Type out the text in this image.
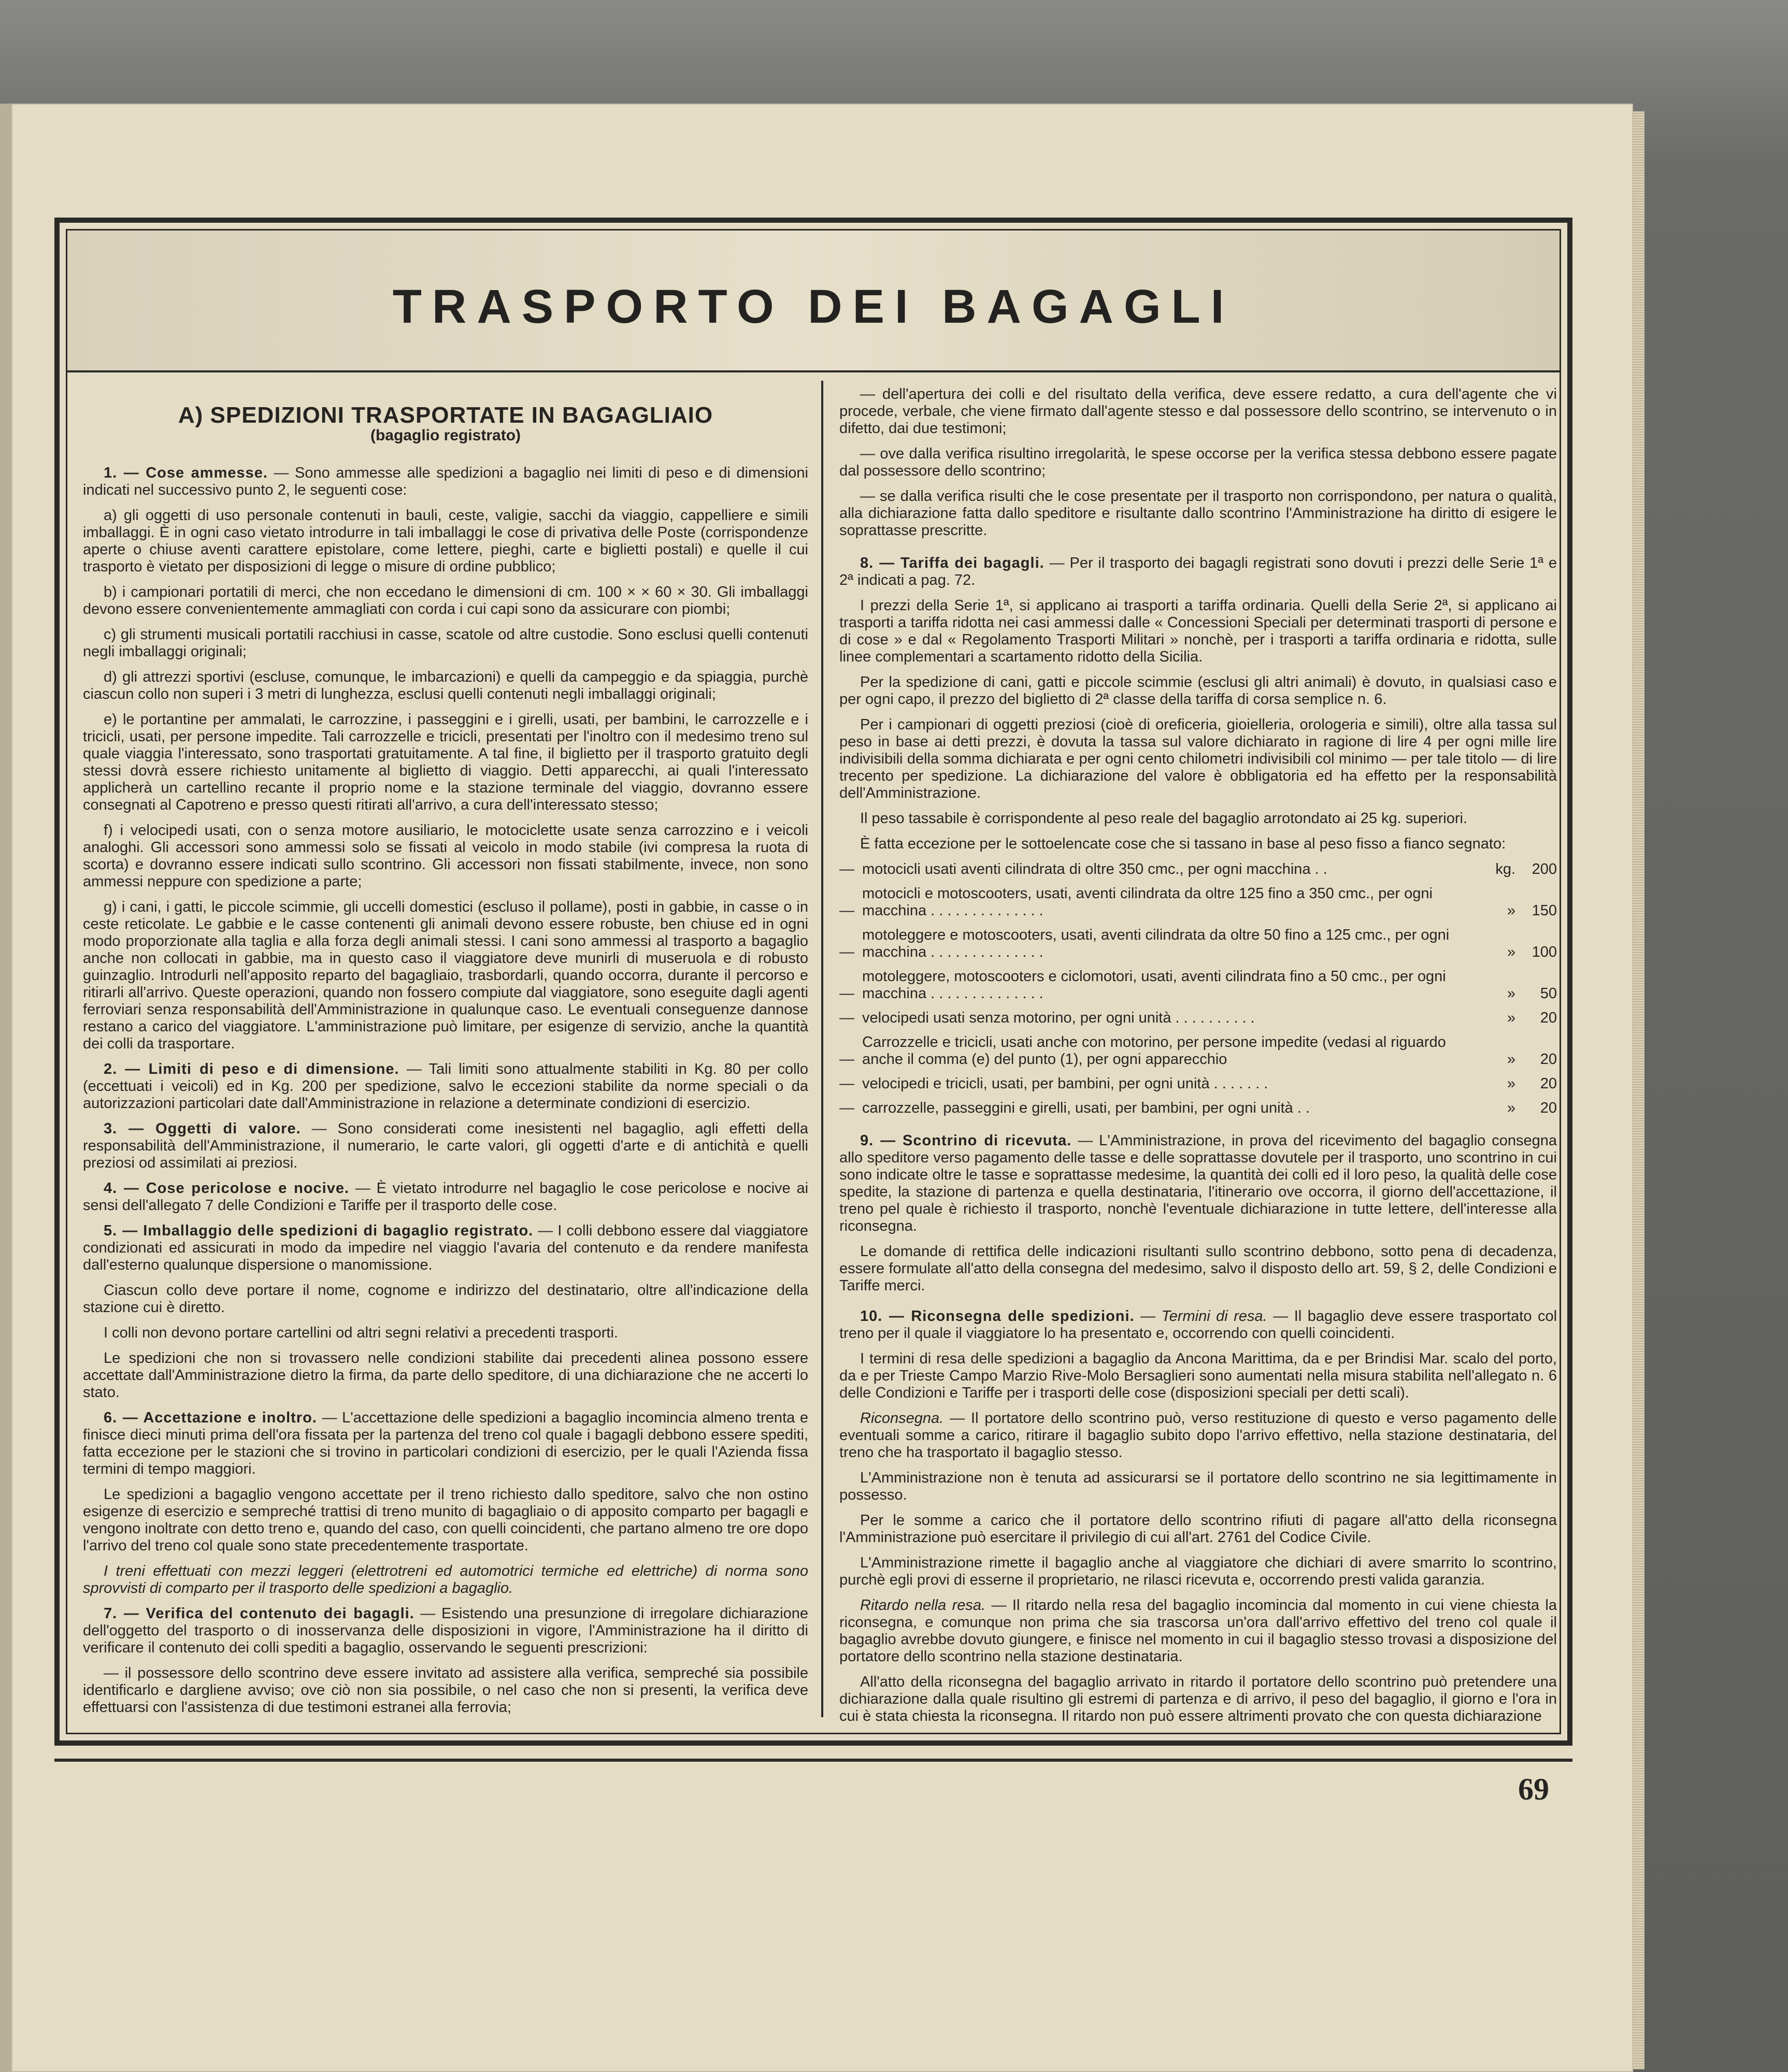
TRASPORTO DEI BAGAGLI
A) SPEDIZIONI TRASPORTATE IN BAGAGLIAIO
(bagaglio registrato)

1. — Cose ammesse. — Sono ammesse alle spedizioni a bagaglio nei limiti di peso e di dimensioni indicati nel successivo punto 2, le seguenti cose:

a) gli oggetti di uso personale contenuti in bauli, ceste, valigie, sacchi da viaggio, cappelliere e simili imballaggi. È in ogni caso vietato introdurre in tali imballaggi le cose di privativa delle Poste (corrispondenze aperte o chiuse aventi carattere epistolare, come lettere, pieghi, carte e biglietti postali) e quelle il cui trasporto è vietato per disposizioni di legge o misure di ordine pubblico;

b) i campionari portatili di merci, che non eccedano le dimensioni di cm. 100 × × 60 × 30. Gli imballaggi devono essere convenientemente ammagliati con corda i cui capi sono da assicurare con piombi;

c) gli strumenti musicali portatili racchiusi in casse, scatole od altre custodie. Sono esclusi quelli contenuti negli imballaggi originali;

d) gli attrezzi sportivi (escluse, comunque, le imbarcazioni) e quelli da campeggio e da spiaggia, purchè ciascun collo non superi i 3 metri di lunghezza, esclusi quelli contenuti negli imballaggi originali;

e) le portantine per ammalati, le carrozzine, i passeggini e i girelli, usati, per bambini, le carrozzelle e i tricicli, usati, per persone impedite. Tali carrozzelle e tricicli, presentati per l'inoltro con il medesimo treno sul quale viaggia l'interessato, sono trasportati gratuitamente. A tal fine, il biglietto per il trasporto gratuito degli stessi dovrà essere richiesto unitamente al biglietto di viaggio. Detti apparecchi, ai quali l'interessato applicherà un cartellino recante il proprio nome e la stazione terminale del viaggio, dovranno essere consegnati al Capotreno e presso questi ritirati all'arrivo, a cura dell'interessato stesso;

f) i velocipedi usati, con o senza motore ausiliario, le motociclette usate senza carrozzino e i veicoli analoghi. Gli accessori sono ammessi solo se fissati al veicolo in modo stabile (ivi compresa la ruota di scorta) e dovranno essere indicati sullo scontrino. Gli accessori non fissati stabilmente, invece, non sono ammessi neppure con spedizione a parte;

g) i cani, i gatti, le piccole scimmie, gli uccelli domestici (escluso il pollame), posti in gabbie, in casse o in ceste reticolate. Le gabbie e le casse contenenti gli animali devono essere robuste, ben chiuse ed in ogni modo proporzionate alla taglia e alla forza degli animali stessi. I cani sono ammessi al trasporto a bagaglio anche non collocati in gabbie, ma in questo caso il viaggiatore deve munirli di museruola e di robusto guinzaglio. Introdurli nell'apposito reparto del bagagliaio, trasbordarli, quando occorra, durante il percorso e ritirarli all'arrivo. Queste operazioni, quando non fossero compiute dal viaggiatore, sono eseguite dagli agenti ferroviari senza responsabilità dell'Amministrazione in qualunque caso. Le eventuali conseguenze dannose restano a carico del viaggiatore. L'amministrazione può limitare, per esigenze di servizio, anche la quantità dei colli da trasportare.

2. — Limiti di peso e di dimensione. — Tali limiti sono attualmente stabiliti in Kg. 80 per collo (eccettuati i veicoli) ed in Kg. 200 per spedizione, salvo le eccezioni stabilite da norme speciali o da autorizzazioni particolari date dall'Amministrazione in relazione a determinate condizioni di esercizio.

3. — Oggetti di valore. — Sono considerati come inesistenti nel bagaglio, agli effetti della responsabilità dell'Amministrazione, il numerario, le carte valori, gli oggetti d'arte e di antichità e quelli preziosi od assimilati ai preziosi.

4. — Cose pericolose e nocive. — È vietato introdurre nel bagaglio le cose pericolose e nocive ai sensi dell'allegato 7 delle Condizioni e Tariffe per il trasporto delle cose.

5. — Imballaggio delle spedizioni di bagaglio registrato. — I colli debbono essere dal viaggiatore condizionati ed assicurati in modo da impedire nel viaggio l'avaria del contenuto e da rendere manifesta dall'esterno qualunque dispersione o manomissione.

Ciascun collo deve portare il nome, cognome e indirizzo del destinatario, oltre all'indicazione della stazione cui è diretto.

I colli non devono portare cartellini od altri segni relativi a precedenti trasporti.

Le spedizioni che non si trovassero nelle condizioni stabilite dai precedenti alinea possono essere accettate dall'Amministrazione dietro la firma, da parte dello speditore, di una dichiarazione che ne accerti lo stato.

6. — Accettazione e inoltro. — L'accettazione delle spedizioni a bagaglio incomincia almeno trenta e finisce dieci minuti prima dell'ora fissata per la partenza del treno col quale i bagagli debbono essere spediti, fatta eccezione per le stazioni che si trovino in particolari condizioni di esercizio, per le quali l'Azienda fissa termini di tempo maggiori.

Le spedizioni a bagaglio vengono accettate per il treno richiesto dallo speditore, salvo che non ostino esigenze di esercizio e sempreché trattisi di treno munito di bagagliaio o di apposito comparto per bagagli e vengono inoltrate con detto treno e, quando del caso, con quelli coincidenti, che partano almeno tre ore dopo l'arrivo del treno col quale sono state precedentemente trasportate.

I treni effettuati con mezzi leggeri (elettrotreni ed automotrici termiche ed elettriche) di norma sono sprovvisti di comparto per il trasporto delle spedizioni a bagaglio.

7. — Verifica del contenuto dei bagagli. — Esistendo una presunzione di irregolare dichiarazione dell'oggetto del trasporto o di inosservanza delle disposizioni in vigore, l'Amministrazione ha il diritto di verificare il contenuto dei colli spediti a bagaglio, osservando le seguenti prescrizioni:

— il possessore dello scontrino deve essere invitato ad assistere alla verifica, sempreché sia possibile identificarlo e dargliene avviso; ove ciò non sia possibile, o nel caso che non si presenti, la verifica deve effettuarsi con l'assistenza di due testimoni estranei alla ferrovia;

— dell'apertura dei colli e del risultato della verifica, deve essere redatto, a cura dell'agente che vi procede, verbale, che viene firmato dall'agente stesso e dal possessore dello scontrino, se intervenuto o in difetto, dai due testimoni;

— ove dalla verifica risultino irregolarità, le spese occorse per la verifica stessa debbono essere pagate dal possessore dello scontrino;

— se dalla verifica risulti che le cose presentate per il trasporto non corrispondono, per natura o qualità, alla dichiarazione fatta dallo speditore e risultante dallo scontrino l'Amministrazione ha diritto di esigere le soprattasse prescritte.

8. — Tariffa dei bagagli. — Per il trasporto dei bagagli registrati sono dovuti i prezzi delle Serie 1ª e 2ª indicati a pag. 72.

I prezzi della Serie 1ª, si applicano ai trasporti a tariffa ordinaria. Quelli della Serie 2ª, si applicano ai trasporti a tariffa ridotta nei casi ammessi dalle « Concessioni Speciali per determinati trasporti di persone e di cose » e dal « Regolamento Trasporti Militari » nonchè, per i trasporti a tariffa ordinaria e ridotta, sulle linee complementari a scartamento ridotto della Sicilia.

Per la spedizione di cani, gatti e piccole scimmie (esclusi gli altri animali) è dovuto, in qualsiasi caso e per ogni capo, il prezzo del biglietto di 2ª classe della tariffa di corsa semplice n. 6.

Per i campionari di oggetti preziosi (cioè di oreficeria, gioielleria, orologeria e simili), oltre alla tassa sul peso in base ai detti prezzi, è dovuta la tassa sul valore dichiarato in ragione di lire 4 per ogni mille lire indivisibili della somma dichiarata e per ogni cento chilometri indivisibili col minimo — per tale titolo — di lire trecento per spedizione. La dichiarazione del valore è obbligatoria ed ha effetto per la responsabilità dell'Amministrazione.

Il peso tassabile è corrispondente al peso reale del bagaglio arrotondato ai 25 kg. superiori.

È fatta eccezione per le sottoelencate cose che si tassano in base al peso fisso a fianco segnato:

— motocicli usati aventi cilindrata di oltre 350 cmc., per ogni macchina . .	kg.	200
—
motocicli e motoscooters, usati, aventi cilindrata da oltre 125 fino a 350 cmc., per ogni macchina . . . . . . . . . . . . . .	»	150
—
motoleggere e motoscooters, usati, aventi cilindrata da oltre 50 fino a 125 cmc., per ogni macchina . . . . . . . . . . . . . .	»	100
—
motoleggere, motoscooters e ciclomotori, usati, aventi cilindrata fino a 50 cmc., per ogni macchina . . . . . . . . . . . . . .	»	50
— velocipedi usati senza motorino, per ogni unità . . . . . . . . . .	»	20
—
Carrozzelle e tricicli, usati anche con motorino, per persone impedite (vedasi al riguardo anche il comma (e) del punto (1), per ogni apparecchio	»	20
— velocipedi e tricicli, usati, per bambini, per ogni unità . . . . . . .	»	20
— carrozzelle, passeggini e girelli, usati, per bambini, per ogni unità . .	»	20

9. — Scontrino di ricevuta. — L'Amministrazione, in prova del ricevimento del bagaglio consegna allo speditore verso pagamento delle tasse e delle soprattasse dovutele per il trasporto, uno scontrino in cui sono indicate oltre le tasse e soprattasse medesime, la quantità dei colli ed il loro peso, la qualità delle cose spedite, la stazione di partenza e quella destinataria, l'itinerario ove occorra, il giorno dell'accettazione, il treno pel quale è richiesto il trasporto, nonchè l'eventuale dichiarazione in tutte lettere, dell'interesse alla riconsegna.

Le domande di rettifica delle indicazioni risultanti sullo scontrino debbono, sotto pena di decadenza, essere formulate all'atto della consegna del medesimo, salvo il disposto dello art. 59, § 2, delle Condizioni e Tariffe merci.

10. — Riconsegna delle spedizioni. — Termini di resa. — Il bagaglio deve essere trasportato col treno per il quale il viaggiatore lo ha presentato e, occorrendo con quelli coincidenti.

I termini di resa delle spedizioni a bagaglio da Ancona Marittima, da e per Brindisi Mar. scalo del porto, da e per Trieste Campo Marzio Rive-Molo Bersaglieri sono aumentati nella misura stabilita nell'allegato n. 6 delle Condizioni e Tariffe per i trasporti delle cose (disposizioni speciali per detti scali).

Riconsegna. — Il portatore dello scontrino può, verso restituzione di questo e verso pagamento delle eventuali somme a carico, ritirare il bagaglio subito dopo l'arrivo effettivo, nella stazione destinataria, del treno che ha trasportato il bagaglio stesso.

L'Amministrazione non è tenuta ad assicurarsi se il portatore dello scontrino ne sia legittimamente in possesso.

Per le somme a carico che il portatore dello scontrino rifiuti di pagare all'atto della riconsegna l'Amministrazione può esercitare il privilegio di cui all'art. 2761 del Codice Civile.

L'Amministrazione rimette il bagaglio anche al viaggiatore che dichiari di avere smarrito lo scontrino, purchè egli provi di esserne il proprietario, ne rilasci ricevuta e, occorrendo presti valida garanzia.

Ritardo nella resa. — Il ritardo nella resa del bagaglio incomincia dal momento in cui viene chiesta la riconsegna, e comunque non prima che sia trascorsa un'ora dall'arrivo effettivo del treno col quale il bagaglio avrebbe dovuto giungere, e finisce nel momento in cui il bagaglio stesso trovasi a disposizione del portatore dello scontrino nella stazione destinataria.

All'atto della riconsegna del bagaglio arrivato in ritardo il portatore dello scontrino può pretendere una dichiarazione dalla quale risultino gli estremi di partenza e di arrivo, il peso del bagaglio, il giorno e l'ora in cui è stata chiesta la riconsegna. Il ritardo non può essere altrimenti provato che con questa dichiarazione

69
